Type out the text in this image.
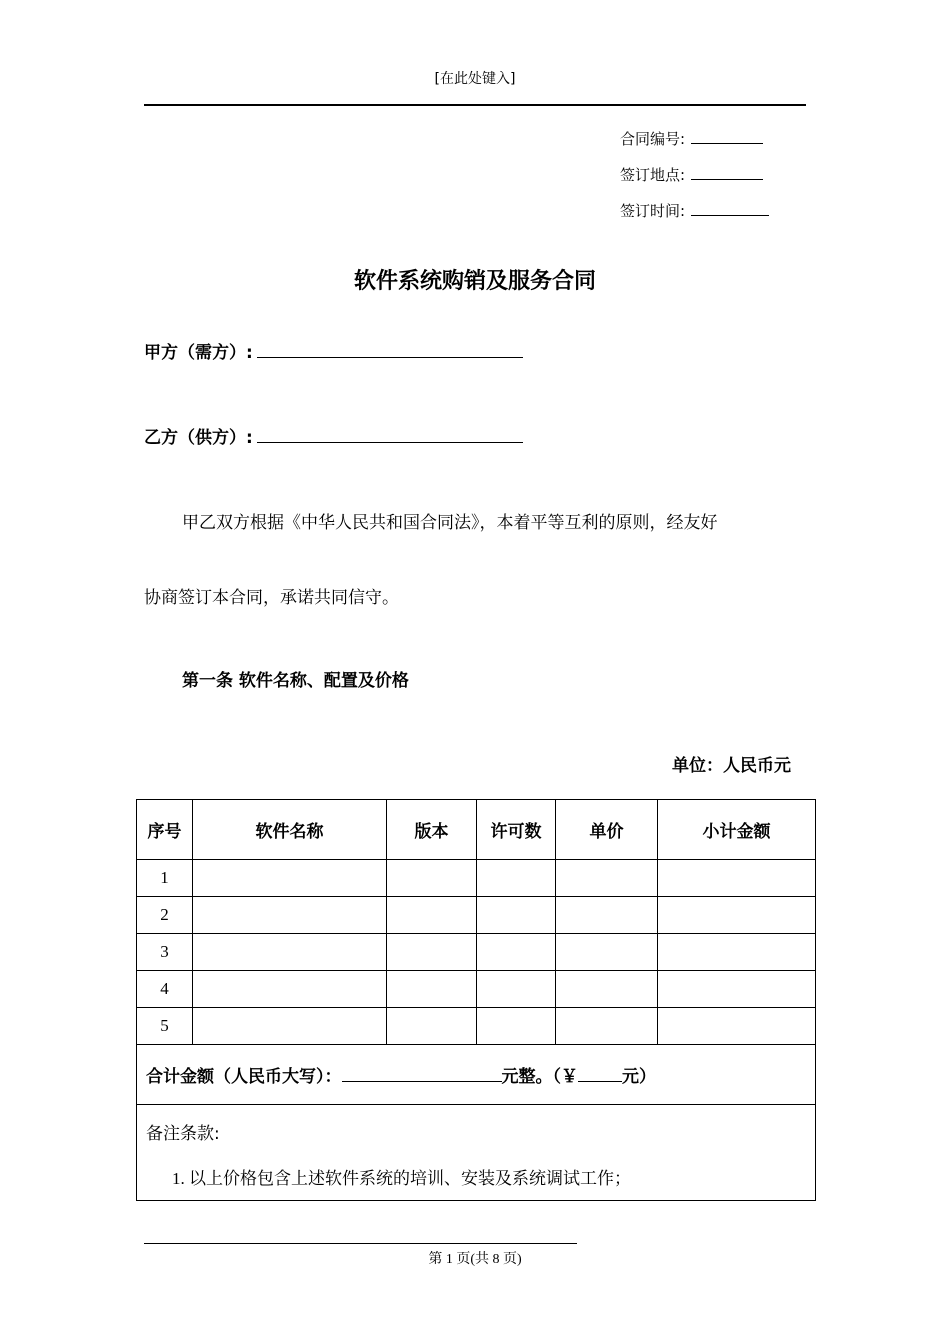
[在此处键入]
合同编号:
签订地点:
签订时间:
软件系统购销及服务合同
甲方（需方）:
乙方（供方）:
甲乙双方根据《中华人民共和国合同法》，本着平等互利的原则，经友好
协商签订本合同，承诺共同信守。
第一条 软件名称、配置及价格
单位：人民币元
序号	软件名称	版本	许可数	单价	小计金额
1					
2					
3					
4					
5					
合计金额（人民币大写）： 元整。（￥ 元）					

备注条款:
1. 以上价格包含上述软件系统的培训、安装及系统调试工作；					
第 1 页(共 8 页)
